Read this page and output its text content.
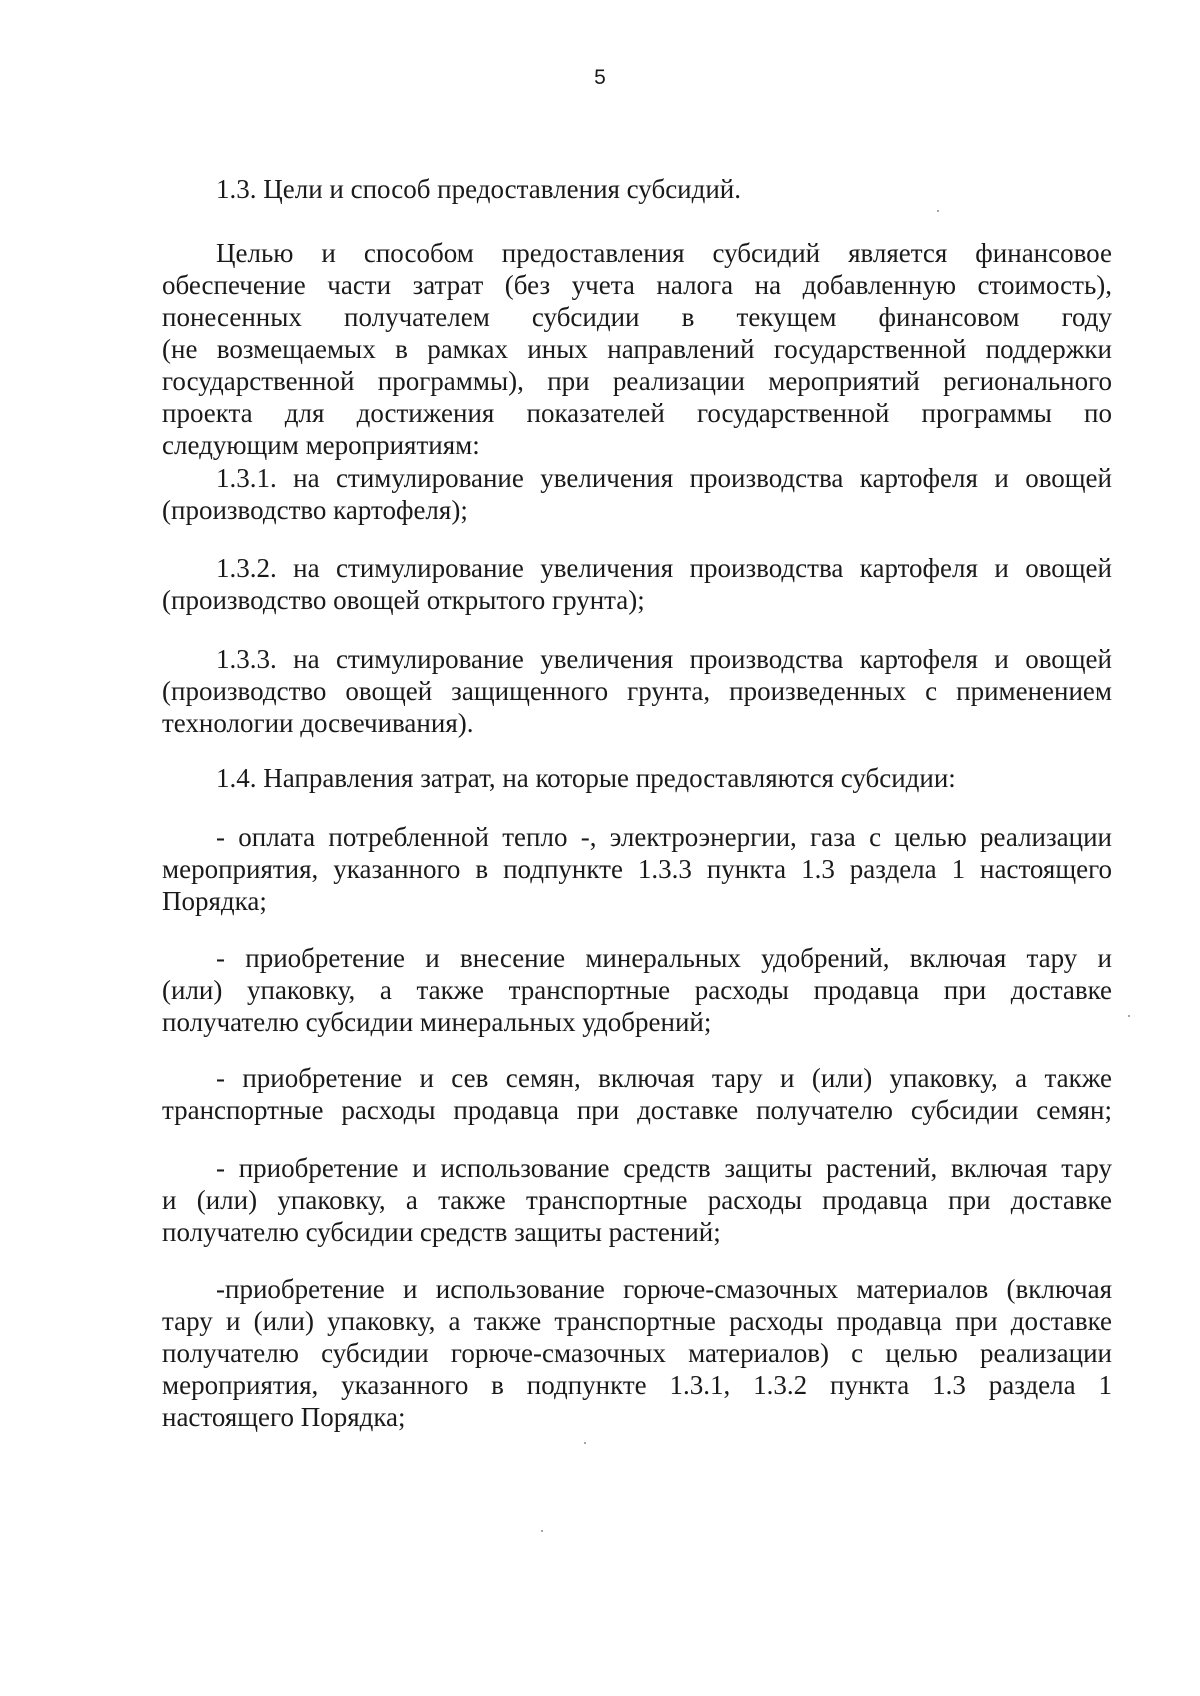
5
1.3. Цели и способ предоставления субсидий.
Целью и способом предоставления субсидий является финансовое
обеспечение части затрат (без учета налога на добавленную стоимость),
понесенных получателем субсидии в текущем финансовом году
(не возмещаемых в рамках иных направлений государственной поддержки
государственной программы), при реализации мероприятий регионального
проекта для достижения показателей государственной программы по
следующим мероприятиям:
1.3.1. на стимулирование увеличения производства картофеля и овощей
(производство картофеля);
1.3.2. на стимулирование увеличения производства картофеля и овощей
(производство овощей открытого грунта);
1.3.3. на стимулирование увеличения производства картофеля и овощей
(производство овощей защищенного грунта, произведенных с применением
технологии досвечивания).
1.4. Направления затрат, на которые предоставляются субсидии:
- оплата потребленной тепло -, электроэнергии, газа с целью реализации
мероприятия, указанного в подпункте 1.3.3 пункта 1.3 раздела 1 настоящего
Порядка;
- приобретение и внесение минеральных удобрений, включая тару и
(или) упаковку, а также транспортные расходы продавца при доставке
получателю субсидии минеральных удобрений;
- приобретение и сев семян, включая тару и (или) упаковку, а также
транспортные расходы продавца при доставке получателю субсидии семян;
- приобретение и использование средств защиты растений, включая тару
и (или) упаковку, а также транспортные расходы продавца при доставке
получателю субсидии средств защиты растений;
-приобретение и использование горюче-смазочных материалов (включая
тару и (или) упаковку, а также транспортные расходы продавца при доставке
получателю субсидии горюче-смазочных материалов) с целью реализации
мероприятия, указанного в подпункте 1.3.1, 1.3.2 пункта 1.3 раздела 1
настоящего Порядка;
